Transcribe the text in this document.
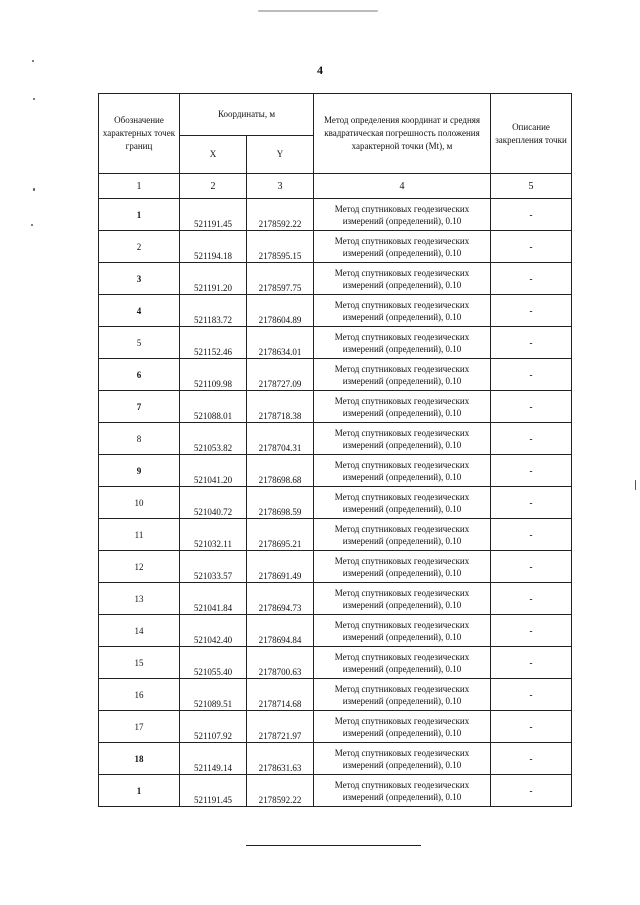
4
Обозначение характерных точек границ	Координаты, м		Метод определения координат и средняя квадратическая погрешность положения характерной точки (Mt), м	Описание закрепления точки
	X	Y		
1	2	3	4	5
1	521191.45	2178592.22	Метод спутниковых геодезических измерений (определений), 0.10	-
2	521194.18	2178595.15	Метод спутниковых геодезических измерений (определений), 0.10	-
3	521191.20	2178597.75	Метод спутниковых геодезических измерений (определений), 0.10	-
4	521183.72	2178604.89	Метод спутниковых геодезических измерений (определений), 0.10	-
5	521152.46	2178634.01	Метод спутниковых геодезических измерений (определений), 0.10	-
6	521109.98	2178727.09	Метод спутниковых геодезических измерений (определений), 0.10	-
7	521088.01	2178718.38	Метод спутниковых геодезических измерений (определений), 0.10	-
8	521053.82	2178704.31	Метод спутниковых геодезических измерений (определений), 0.10	-
9	521041.20	2178698.68	Метод спутниковых геодезических измерений (определений), 0.10	-
10	521040.72	2178698.59	Метод спутниковых геодезических измерений (определений), 0.10	-
11	521032.11	2178695.21	Метод спутниковых геодезических измерений (определений), 0.10	-
12	521033.57	2178691.49	Метод спутниковых геодезических измерений (определений), 0.10	-
13	521041.84	2178694.73	Метод спутниковых геодезических измерений (определений), 0.10	-
14	521042.40	2178694.84	Метод спутниковых геодезических измерений (определений), 0.10	-
15	521055.40	2178700.63	Метод спутниковых геодезических измерений (определений), 0.10	-
16	521089.51	2178714.68	Метод спутниковых геодезических измерений (определений), 0.10	-
17	521107.92	2178721.97	Метод спутниковых геодезических измерений (определений), 0.10	-
18	521149.14	2178631.63	Метод спутниковых геодезических измерений (определений), 0.10	-
1	521191.45	2178592.22	Метод спутниковых геодезических измерений (определений), 0.10	-
